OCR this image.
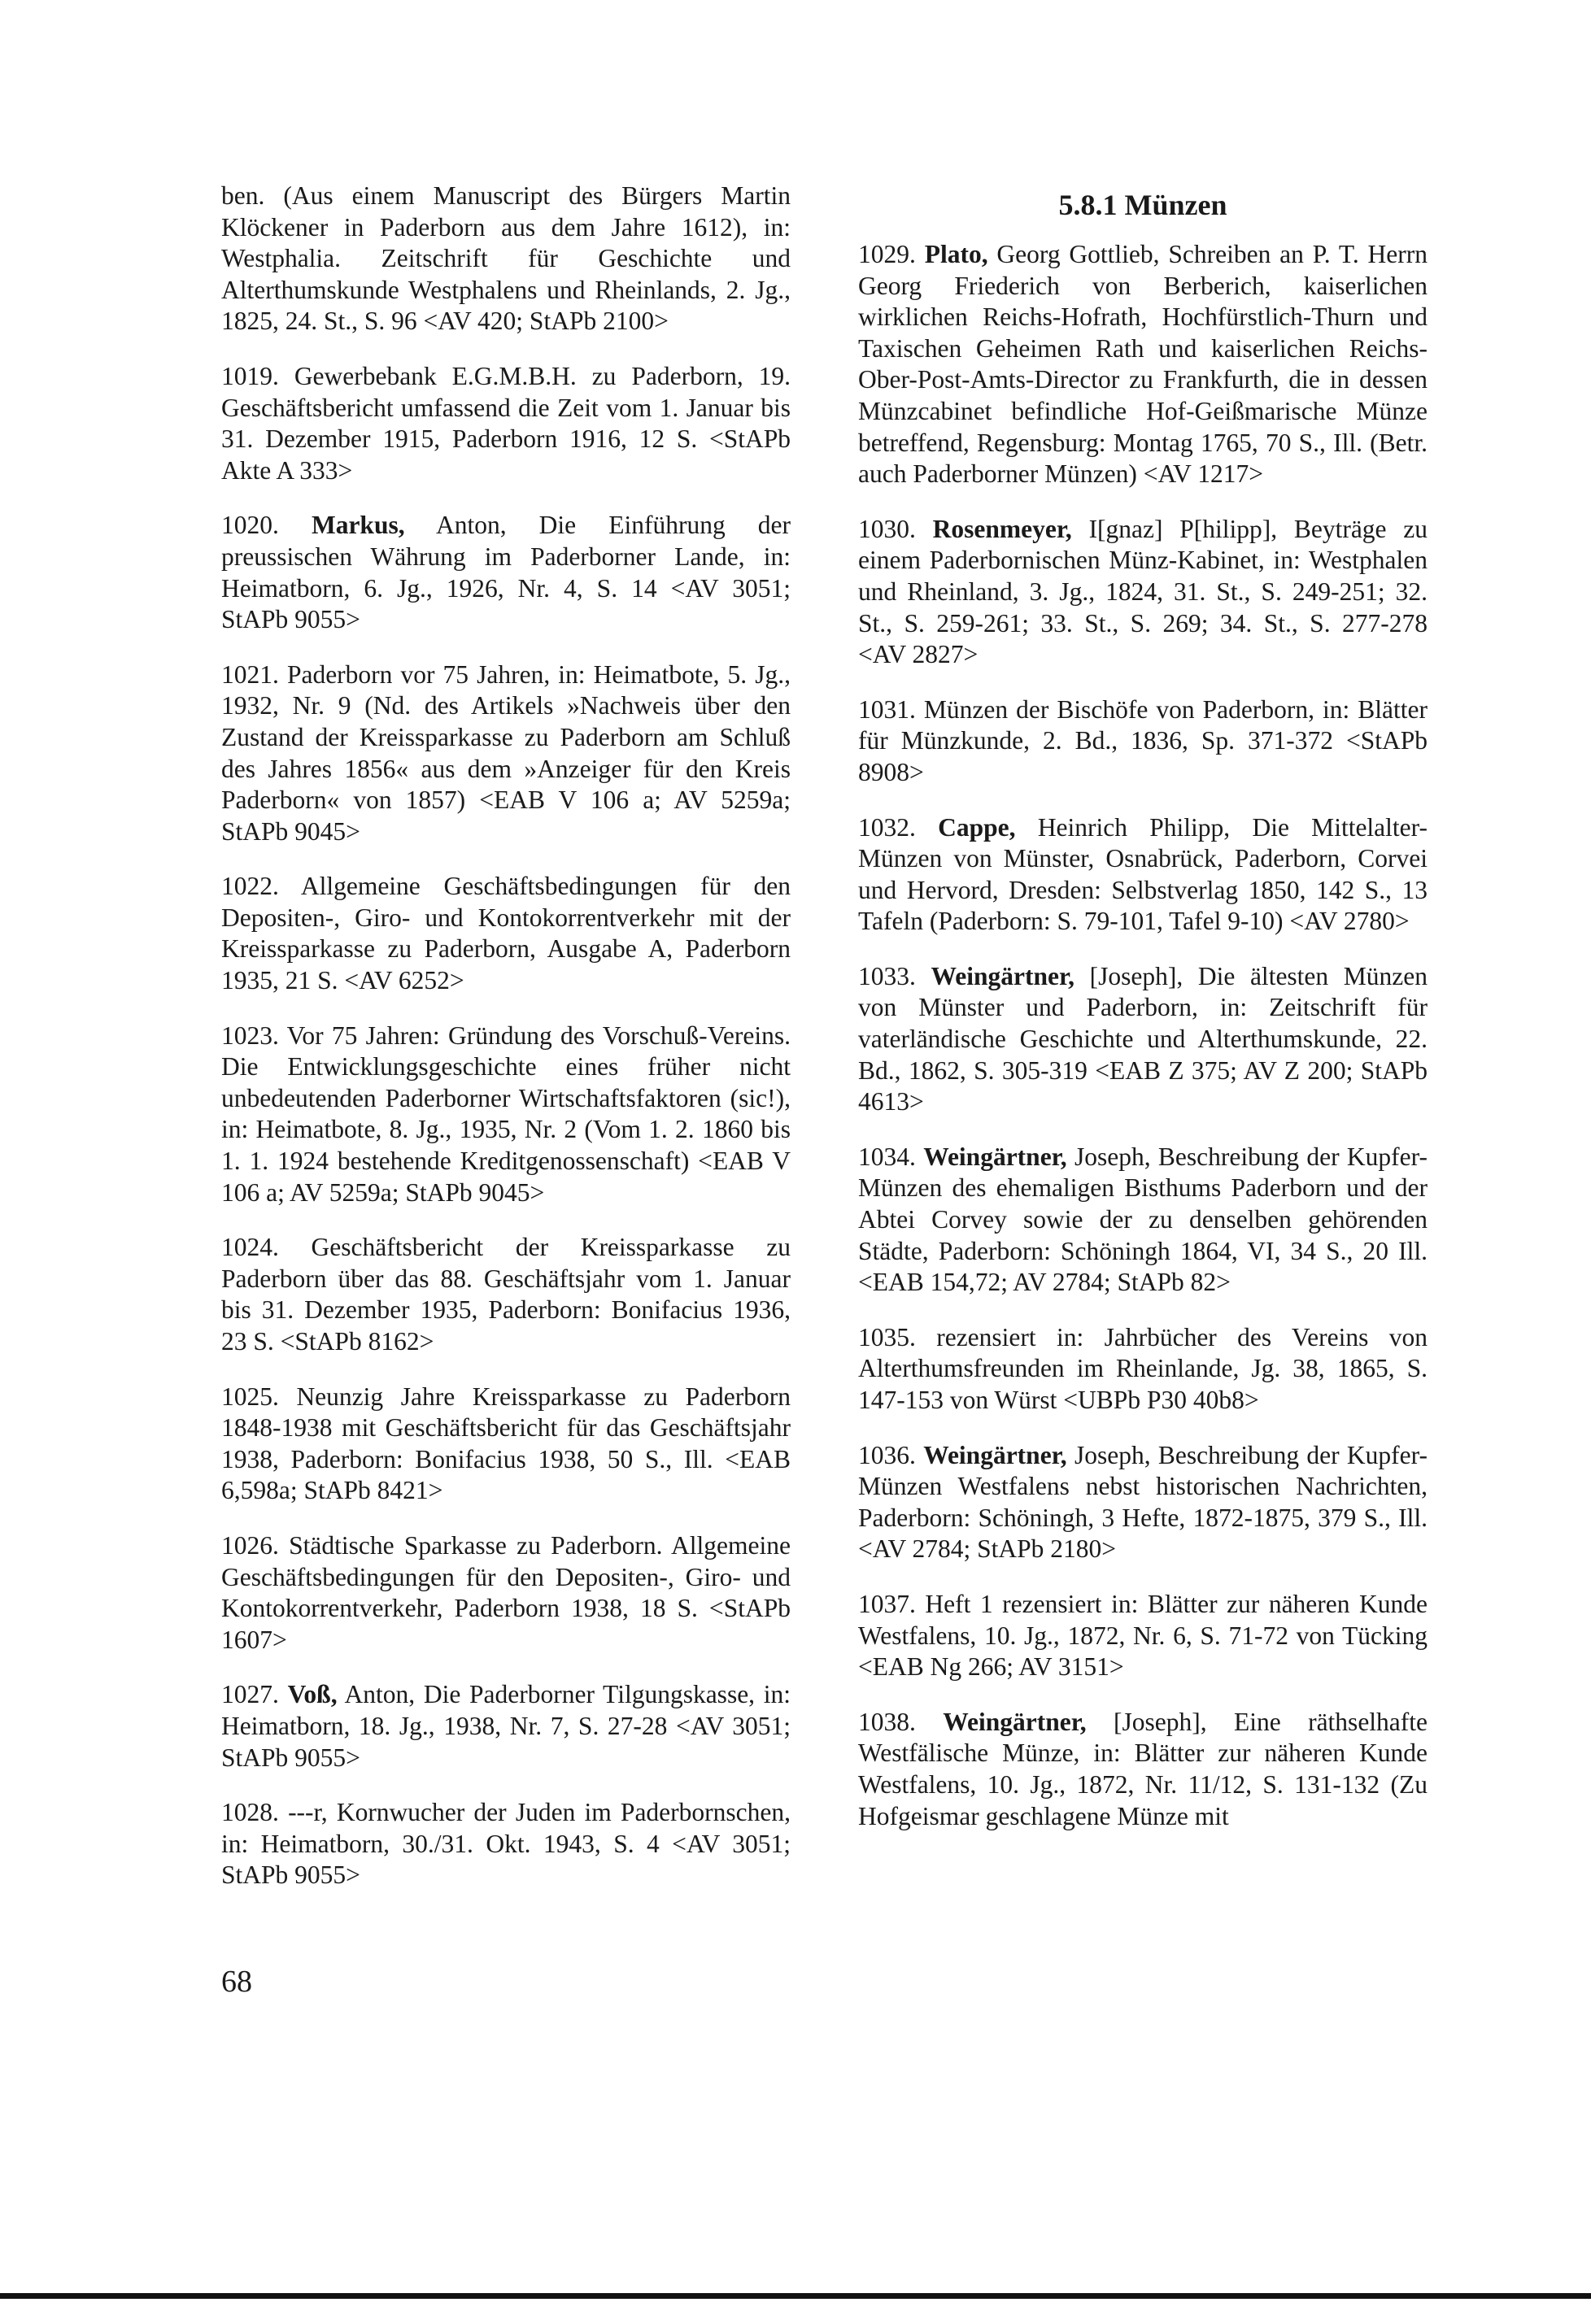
ben. (Aus einem Manuscript des Bürgers Martin Klöckener in Paderborn aus dem Jahre 1612), in: Westphalia. Zeitschrift für Geschichte und Alterthumskunde Westphalens und Rheinlands, 2. Jg., 1825, 24. St., S. 96 <AV 420; StAPb 2100>

1019. Gewerbebank E.G.M.B.H. zu Paderborn, 19. Geschäftsbericht umfassend die Zeit vom 1. Januar bis 31. Dezember 1915, Paderborn 1916, 12 S. <StAPb Akte A 333>

1020. Markus, Anton, Die Einführung der preussischen Währung im Paderborner Lande, in: Heimatborn, 6. Jg., 1926, Nr. 4, S. 14 <AV 3051; StAPb 9055>

1021. Paderborn vor 75 Jahren, in: Heimatbote, 5. Jg., 1932, Nr. 9 (Nd. des Artikels »Nachweis über den Zustand der Kreissparkasse zu Paderborn am Schluß des Jahres 1856« aus dem »Anzeiger für den Kreis Paderborn« von 1857) <EAB V 106 a; AV 5259a; StAPb 9045>

1022. Allgemeine Geschäftsbedingungen für den Depositen-, Giro- und Kontokorrentverkehr mit der Kreissparkasse zu Paderborn, Ausgabe A, Paderborn 1935, 21 S. <AV 6252>

1023. Vor 75 Jahren: Gründung des Vorschuß-Vereins. Die Entwicklungsgeschichte eines früher nicht unbedeutenden Paderborner Wirtschaftsfaktoren (sic!), in: Heimatbote, 8. Jg., 1935, Nr. 2 (Vom 1. 2. 1860 bis 1. 1. 1924 bestehende Kreditgenossenschaft) <EAB V 106 a; AV 5259a; StAPb 9045>

1024. Geschäftsbericht der Kreissparkasse zu Paderborn über das 88. Geschäftsjahr vom 1. Januar bis 31. Dezember 1935, Paderborn: Bonifacius 1936, 23 S. <StAPb 8162>

1025. Neunzig Jahre Kreissparkasse zu Paderborn 1848-1938 mit Geschäftsbericht für das Geschäftsjahr 1938, Paderborn: Bonifacius 1938, 50 S., Ill. <EAB 6,598a; StAPb 8421>

1026. Städtische Sparkasse zu Paderborn. Allgemeine Geschäftsbedingungen für den Depositen-, Giro- und Kontokorrentverkehr, Paderborn 1938, 18 S. <StAPb 1607>

1027. Voß, Anton, Die Paderborner Tilgungskasse, in: Heimatborn, 18. Jg., 1938, Nr. 7, S. 27-28 <AV 3051; StAPb 9055>

1028. ---r, Kornwucher der Juden im Paderbornschen, in: Heimatborn, 30./31. Okt. 1943, S. 4 <AV 3051; StAPb 9055>

5.8.1 Münzen

1029. Plato, Georg Gottlieb, Schreiben an P. T. Herrn Georg Friederich von Berberich, kaiserlichen wirklichen Reichs-Hofrath, Hochfürstlich-Thurn und Taxischen Geheimen Rath und kaiserlichen Reichs-Ober-Post-Amts-Director zu Frankfurth, die in dessen Münzcabinet befindliche Hof-Geißmarische Münze betreffend, Regensburg: Montag 1765, 70 S., Ill. (Betr. auch Paderborner Münzen) <AV 1217>

1030. Rosenmeyer, I[gnaz] P[hilipp], Beyträge zu einem Paderbornischen Münz-Kabinet, in: Westphalen und Rheinland, 3. Jg., 1824, 31. St., S. 249-251; 32. St., S. 259-261; 33. St., S. 269; 34. St., S. 277-278 <AV 2827>

1031. Münzen der Bischöfe von Paderborn, in: Blätter für Münzkunde, 2. Bd., 1836, Sp. 371-372 <StAPb 8908>

1032. Cappe, Heinrich Philipp, Die Mittelalter-Münzen von Münster, Osnabrück, Paderborn, Corvei und Hervord, Dresden: Selbstverlag 1850, 142 S., 13 Tafeln (Paderborn: S. 79-101, Tafel 9-10) <AV 2780>

1033. Weingärtner, [Joseph], Die ältesten Münzen von Münster und Paderborn, in: Zeitschrift für vaterländische Geschichte und Alterthumskunde, 22. Bd., 1862, S. 305-319 <EAB Z 375; AV Z 200; StAPb 4613>

1034. Weingärtner, Joseph, Beschreibung der Kupfer-Münzen des ehemaligen Bisthums Paderborn und der Abtei Corvey sowie der zu denselben gehörenden Städte, Paderborn: Schöningh 1864, VI, 34 S., 20 Ill. <EAB 154,72; AV 2784; StAPb 82>

1035. rezensiert in: Jahrbücher des Vereins von Alterthumsfreunden im Rheinlande, Jg. 38, 1865, S. 147-153 von Würst <UBPb P30 40b8>

1036. Weingärtner, Joseph, Beschreibung der Kupfer-Münzen Westfalens nebst historischen Nachrichten, Paderborn: Schöningh, 3 Hefte, 1872-1875, 379 S., Ill. <AV 2784; StAPb 2180>

1037. Heft 1 rezensiert in: Blätter zur näheren Kunde Westfalens, 10. Jg., 1872, Nr. 6, S. 71-72 von Tücking <EAB Ng 266; AV 3151>

1038. Weingärtner, [Joseph], Eine räthselhafte Westfälische Münze, in: Blätter zur näheren Kunde Westfalens, 10. Jg., 1872, Nr. 11/12, S. 131-132 (Zu Hofgeismar geschlagene Münze mit

68
